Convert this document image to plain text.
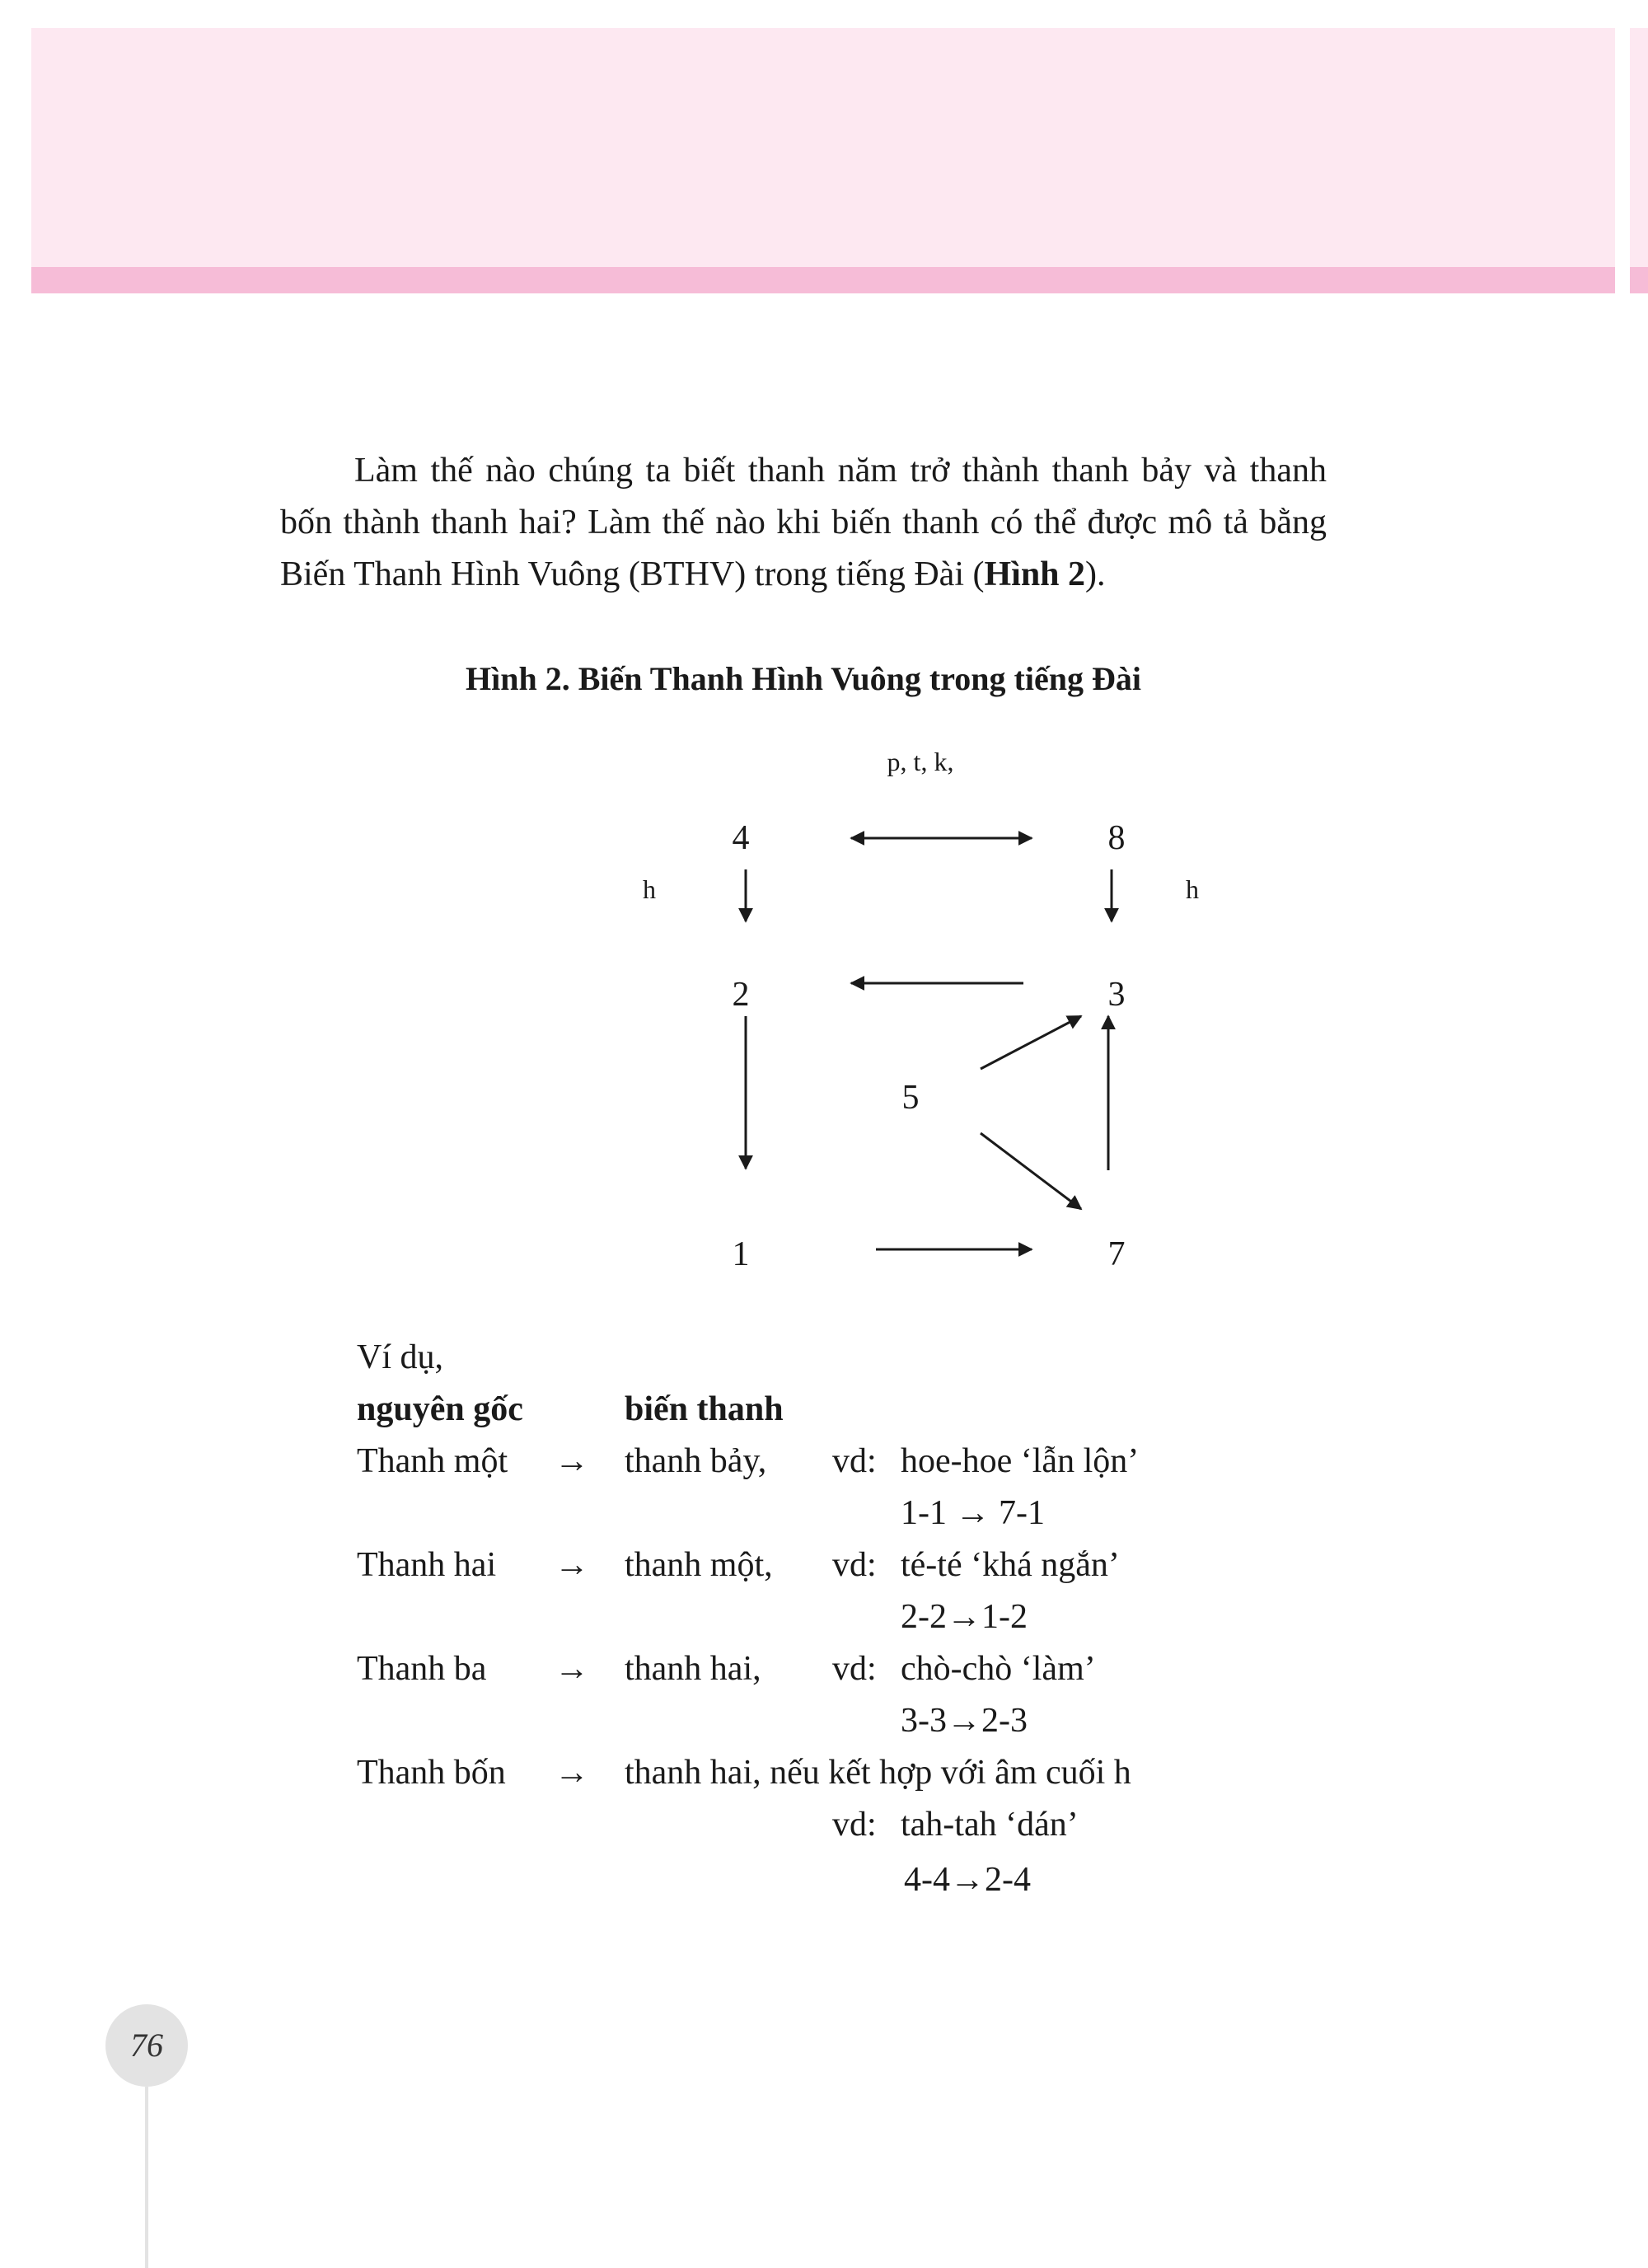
Làm thế nào chúng ta biết thanh năm trở thành thanh bảy và thanh bốn thành thanh hai? Làm thế nào khi biến thanh có thể được mô tả bằng Biến Thanh Hình Vuông (BTHV) trong tiếng Đài (Hình 2).

Hình 2. Biến Thanh Hình Vuông trong tiếng Đài

p, t, k,
h	h
4	8
2	3
5
1	7
Ví dụ,
nguyên gốc	biến thanh
Thanh một → thanh bảy, vd: hoe-hoe ‘lẫn lộn’
1-1 → 7-1
Thanh hai → thanh một, vd: té-té ‘khá ngắn’
2-2→1-2
Thanh ba → thanh hai, vd: chò-chò ‘làm’
3-3→2-3
Thanh bốn → thanh hai, nếu kết hợp với âm cuối h
vd: tah-tah ‘dán’
4-4→2-4
76
